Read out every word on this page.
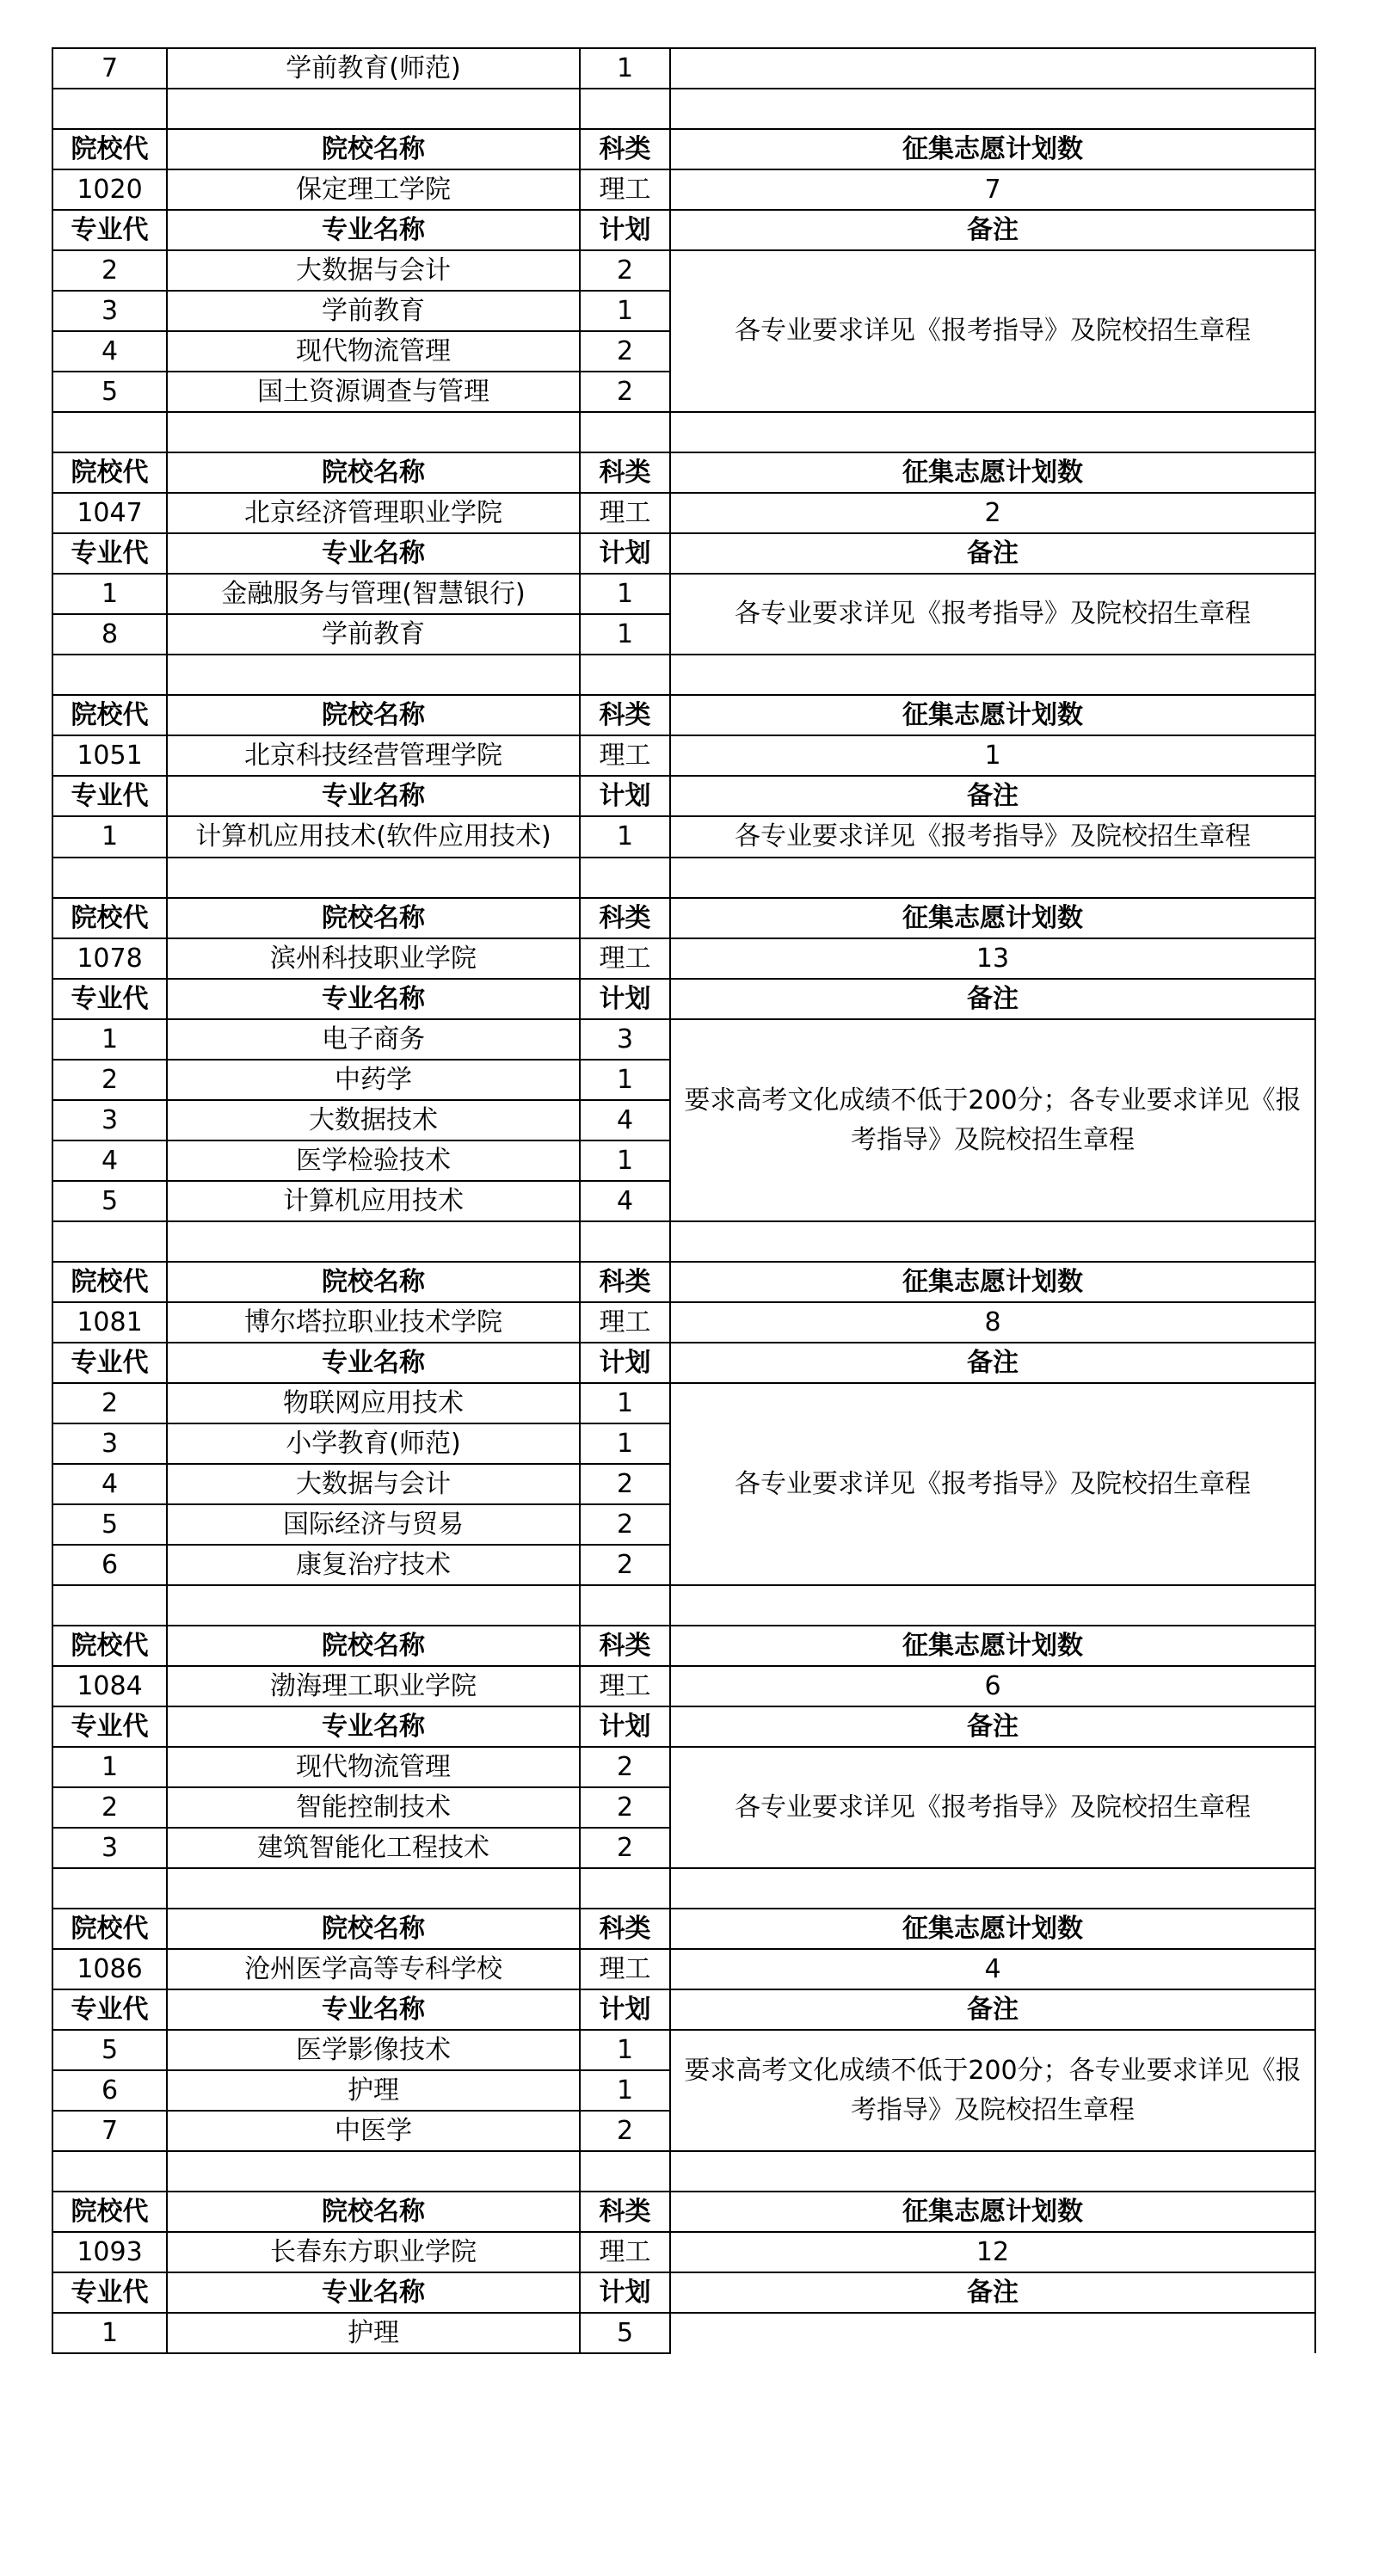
7	学前教育(师范)	1	

院校代	院校名称	科类	征集志愿计划数
1020	保定理工学院	理工	7
专业代	专业名称	计划	备注
2	大数据与会计	2	各专业要求详见《报考指导》及院校招生章程
3	学前教育	1	
4	现代物流管理	2	
5	国土资源调查与管理	2	

院校代	院校名称	科类	征集志愿计划数
1047	北京经济管理职业学院	理工	2
专业代	专业名称	计划	备注
1	金融服务与管理(智慧银行)	1	各专业要求详见《报考指导》及院校招生章程
8	学前教育	1	

院校代	院校名称	科类	征集志愿计划数
1051	北京科技经营管理学院	理工	1
专业代	专业名称	计划	备注
1	计算机应用技术(软件应用技术)	1	各专业要求详见《报考指导》及院校招生章程

院校代	院校名称	科类	征集志愿计划数
1078	滨州科技职业学院	理工	13
专业代	专业名称	计划	备注
1	电子商务	3	要求高考文化成绩不低于200分；各专业要求详见《报考指导》及院校招生章程
2	中药学	1	
3	大数据技术	4	
4	医学检验技术	1	
5	计算机应用技术	4	

院校代	院校名称	科类	征集志愿计划数
1081	博尔塔拉职业技术学院	理工	8
专业代	专业名称	计划	备注
2	物联网应用技术	1	各专业要求详见《报考指导》及院校招生章程
3	小学教育(师范)	1	
4	大数据与会计	2	
5	国际经济与贸易	2	
6	康复治疗技术	2	

院校代	院校名称	科类	征集志愿计划数
1084	渤海理工职业学院	理工	6
专业代	专业名称	计划	备注
1	现代物流管理	2	各专业要求详见《报考指导》及院校招生章程
2	智能控制技术	2	
3	建筑智能化工程技术	2	

院校代	院校名称	科类	征集志愿计划数
1086	沧州医学高等专科学校	理工	4
专业代	专业名称	计划	备注
5	医学影像技术	1	要求高考文化成绩不低于200分；各专业要求详见《报考指导》及院校招生章程
6	护理	1	
7	中医学	2	

院校代	院校名称	科类	征集志愿计划数
1093	长春东方职业学院	理工	12
专业代	专业名称	计划	备注
1	护理	5	
